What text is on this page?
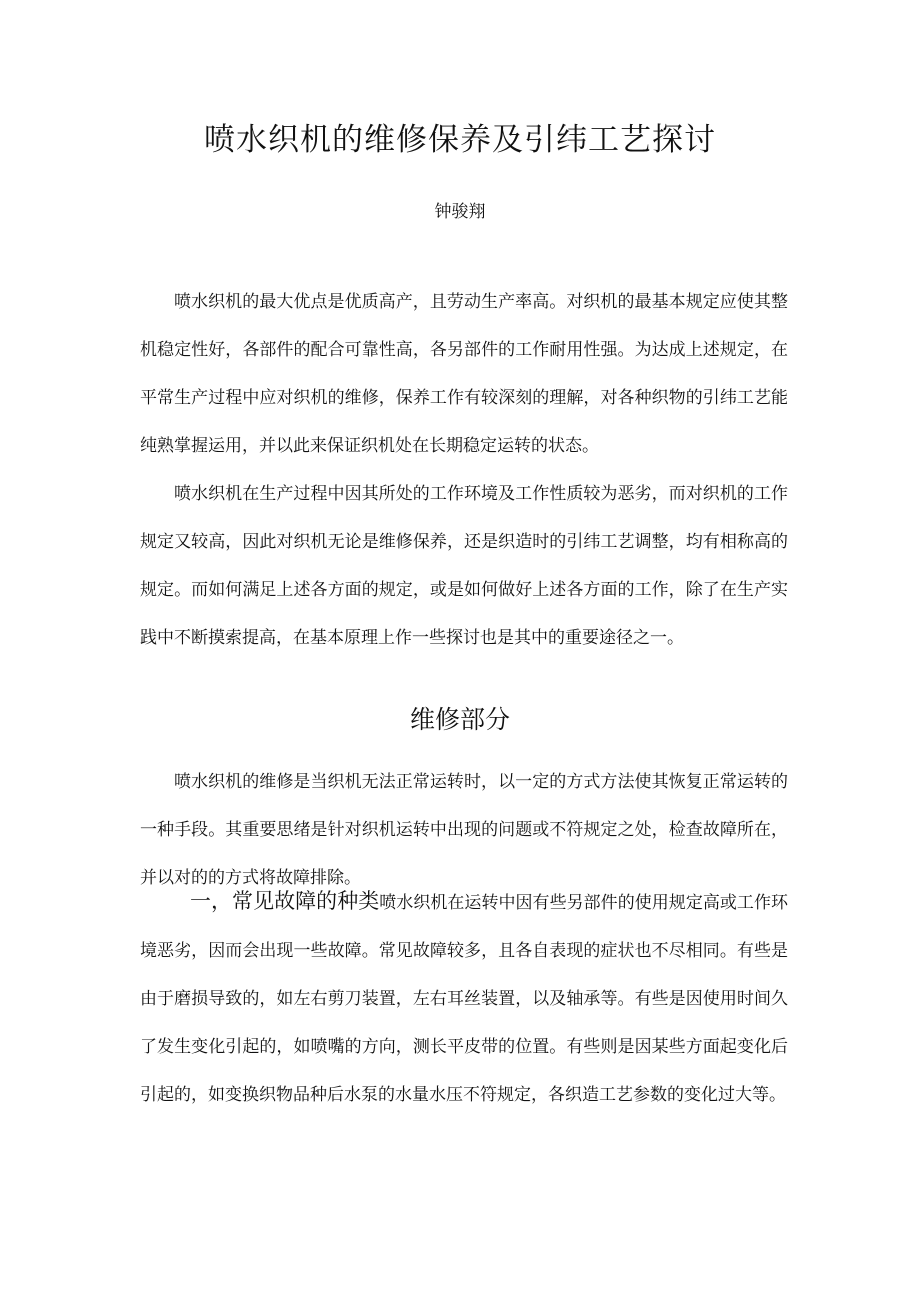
喷水织机的维修保养及引纬工艺探讨
钟骏翔

喷水织机的最大优点是优质高产，且劳动生产率高。对织机的最基本规定应使其整机稳定性好，各部件的配合可靠性高，各另部件的工作耐用性强。为达成上述规定，在平常生产过程中应对织机的维修，保养工作有较深刻的理解，对各种织物的引纬工艺能纯熟掌握运用，并以此来保证织机处在长期稳定运转的状态。

喷水织机在生产过程中因其所处的工作环境及工作性质较为恶劣，而对织机的工作规定又较高，因此对织机无论是维修保养，还是织造时的引纬工艺调整，均有相称高的规定。而如何满足上述各方面的规定，或是如何做好上述各方面的工作，除了在生产实践中不断摸索提高，在基本原理上作一些探讨也是其中的重要途径之一。

维修部分

喷水织机的维修是当织机无法正常运转时，以一定的方式方法使其恢复正常运转的一种手段。其重要思绪是针对织机运转中出现的问题或不符规定之处，检查故障所在，并以对的的方式将故障排除。

一，常见故障的种类喷水织机在运转中因有些另部件的使用规定高或工作环境恶劣，因而会出现一些故障。常见故障较多，且各自表现的症状也不尽相同。有些是由于磨损导致的，如左右剪刀装置，左右耳丝装置，以及轴承等。有些是因使用时间久了发生变化引起的，如喷嘴的方向，测长平皮带的位置。有些则是因某些方面起变化后引起的，如变换织物品种后水泵的水量水压不符规定，各织造工艺参数的变化过大等。
